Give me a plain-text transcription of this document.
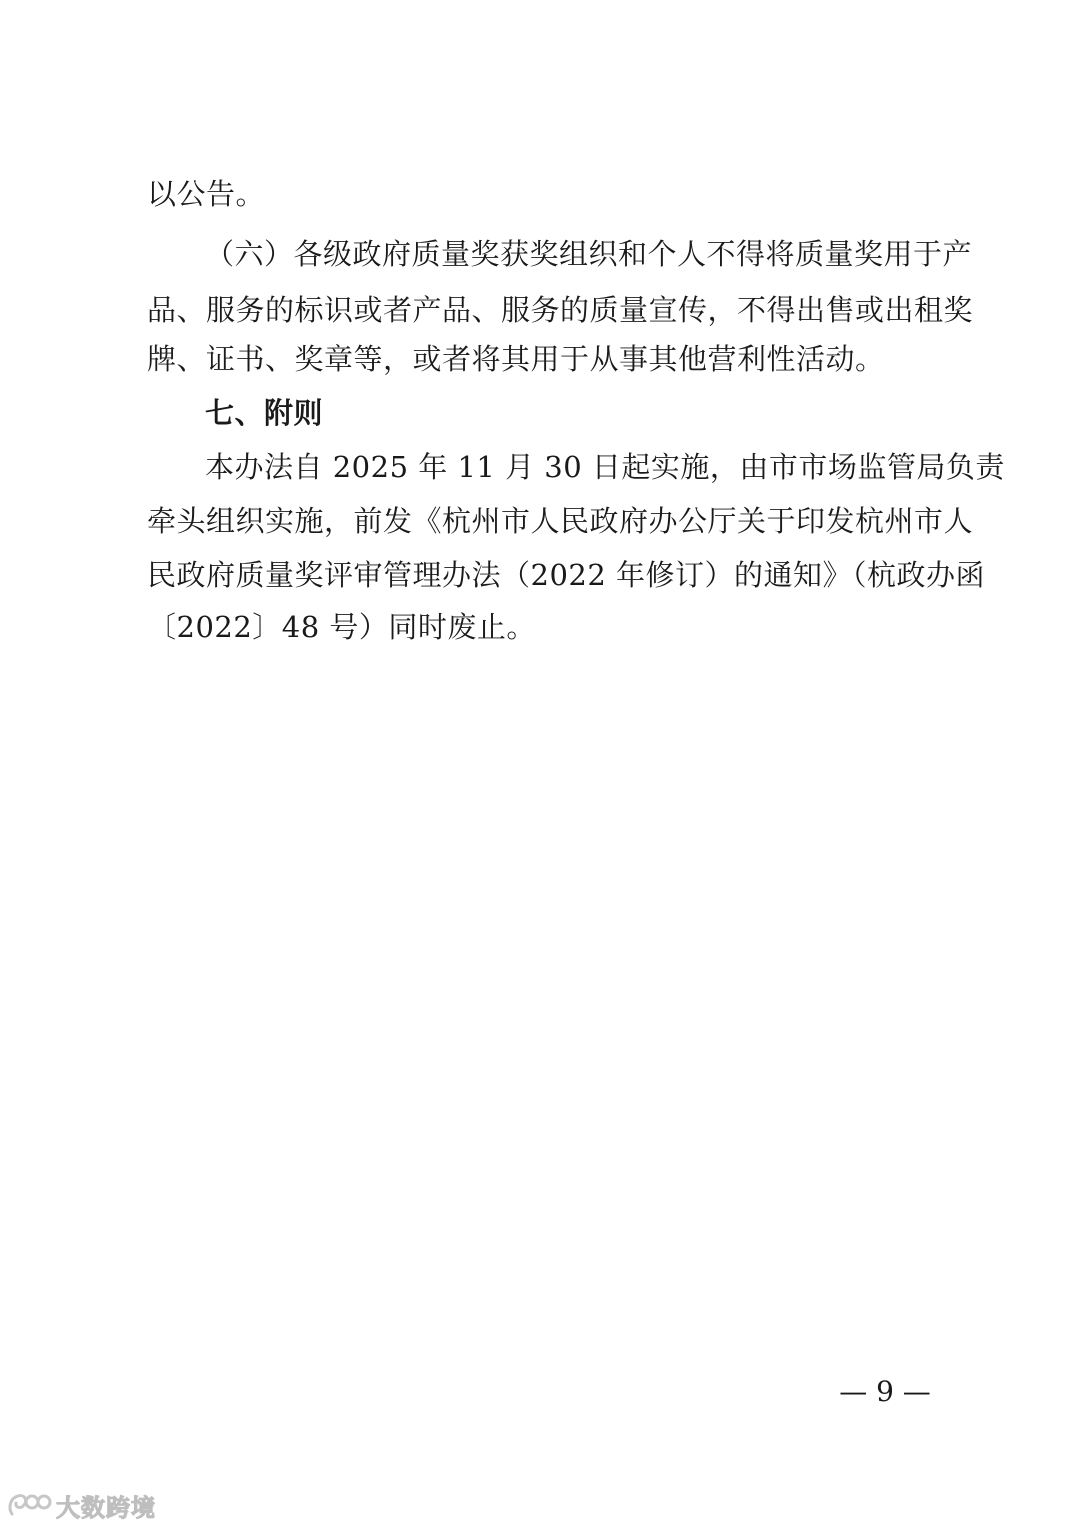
以公告。
（六）各级政府质量奖获奖组织和个人不得将质量奖用于产
品、服务的标识或者产品、服务的质量宣传，不得出售或出租奖
牌、证书、奖章等，或者将其用于从事其他营利性活动。
七、附则
本办法自 2025 年 11 月 30 日起实施，由市市场监管局负责
牵头组织实施，前发《杭州市人民政府办公厅关于印发杭州市人
民政府质量奖评审管理办法（2022 年修订）的通知》（杭政办函
〔2022〕48 号）同时废止。
— 9 —
大数跨境
